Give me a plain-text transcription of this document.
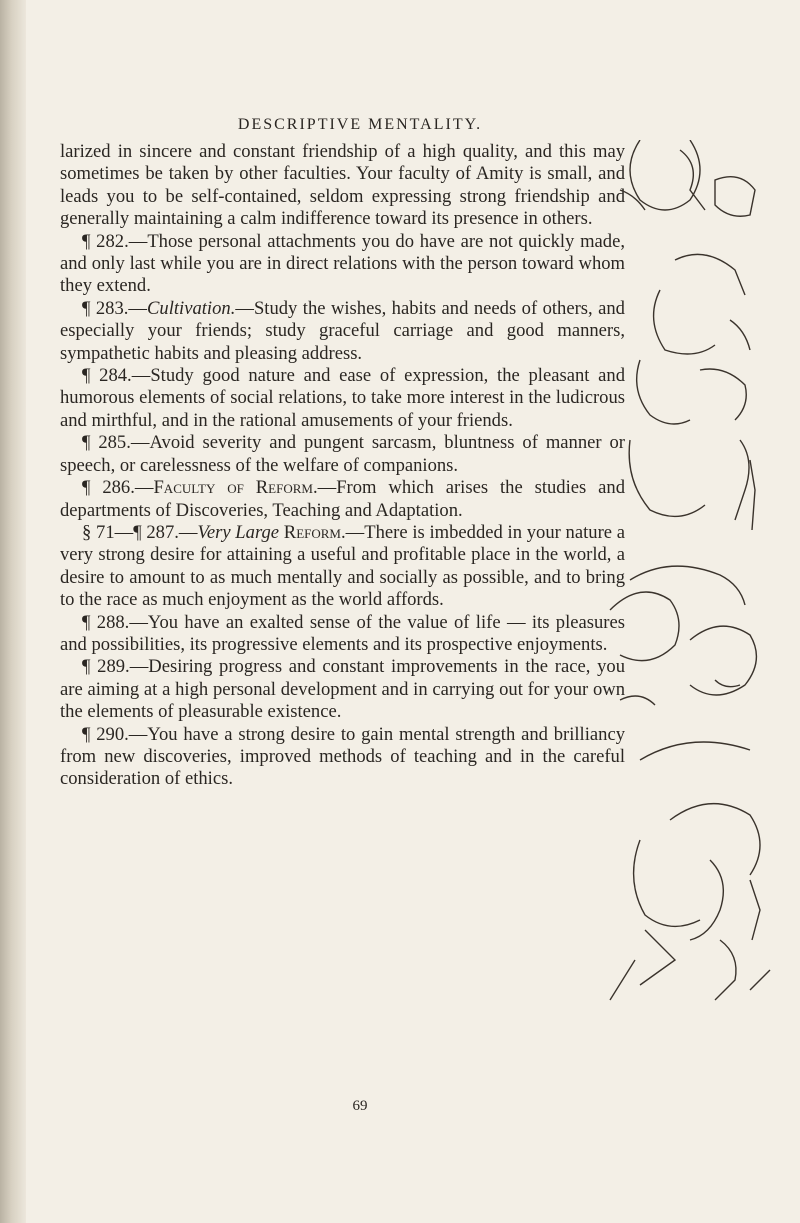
DESCRIPTIVE MENTALITY.

larized in sincere and constant friendship of a high quality, and this may sometimes be taken by other faculties. Your faculty of Amity is small, and leads you to be self-contained, seldom expressing strong friendship and generally maintaining a calm indifference toward its presence in others.

¶ 282.—Those personal attachments you do have are not quickly made, and only last while you are in direct relations with the person toward whom they extend.

¶ 283.—Cultivation.—Study the wishes, habits and needs of others, and especially your friends; study graceful carriage and good manners, sympathetic habits and pleasing address.

¶ 284.—Study good nature and ease of expression, the pleasant and humorous elements of social relations, to take more interest in the ludicrous and mirthful, and in the rational amusements of your friends.

¶ 285.—Avoid severity and pungent sarcasm, bluntness of manner or speech, or carelessness of the welfare of companions.

¶ 286.—Faculty of Reform.—From which arises the studies and departments of Discoveries, Teaching and Adaptation.

§ 71—¶ 287.—Very Large Reform.—There is imbedded in your nature a very strong desire for attaining a useful and profitable place in the world, a desire to amount to as much mentally and socially as possible, and to bring to the race as much enjoyment as the world affords.

¶ 288.—You have an exalted sense of the value of life — its pleasures and possibilities, its progressive elements and its prospective enjoyments.

¶ 289.—Desiring progress and constant improvements in the race, you are aiming at a high personal development and in carrying out for your own the elements of pleasurable existence.

¶ 290.—You have a strong desire to gain mental strength and brilliancy from new discoveries, improved methods of teaching and in the careful consideration of ethics.

69
